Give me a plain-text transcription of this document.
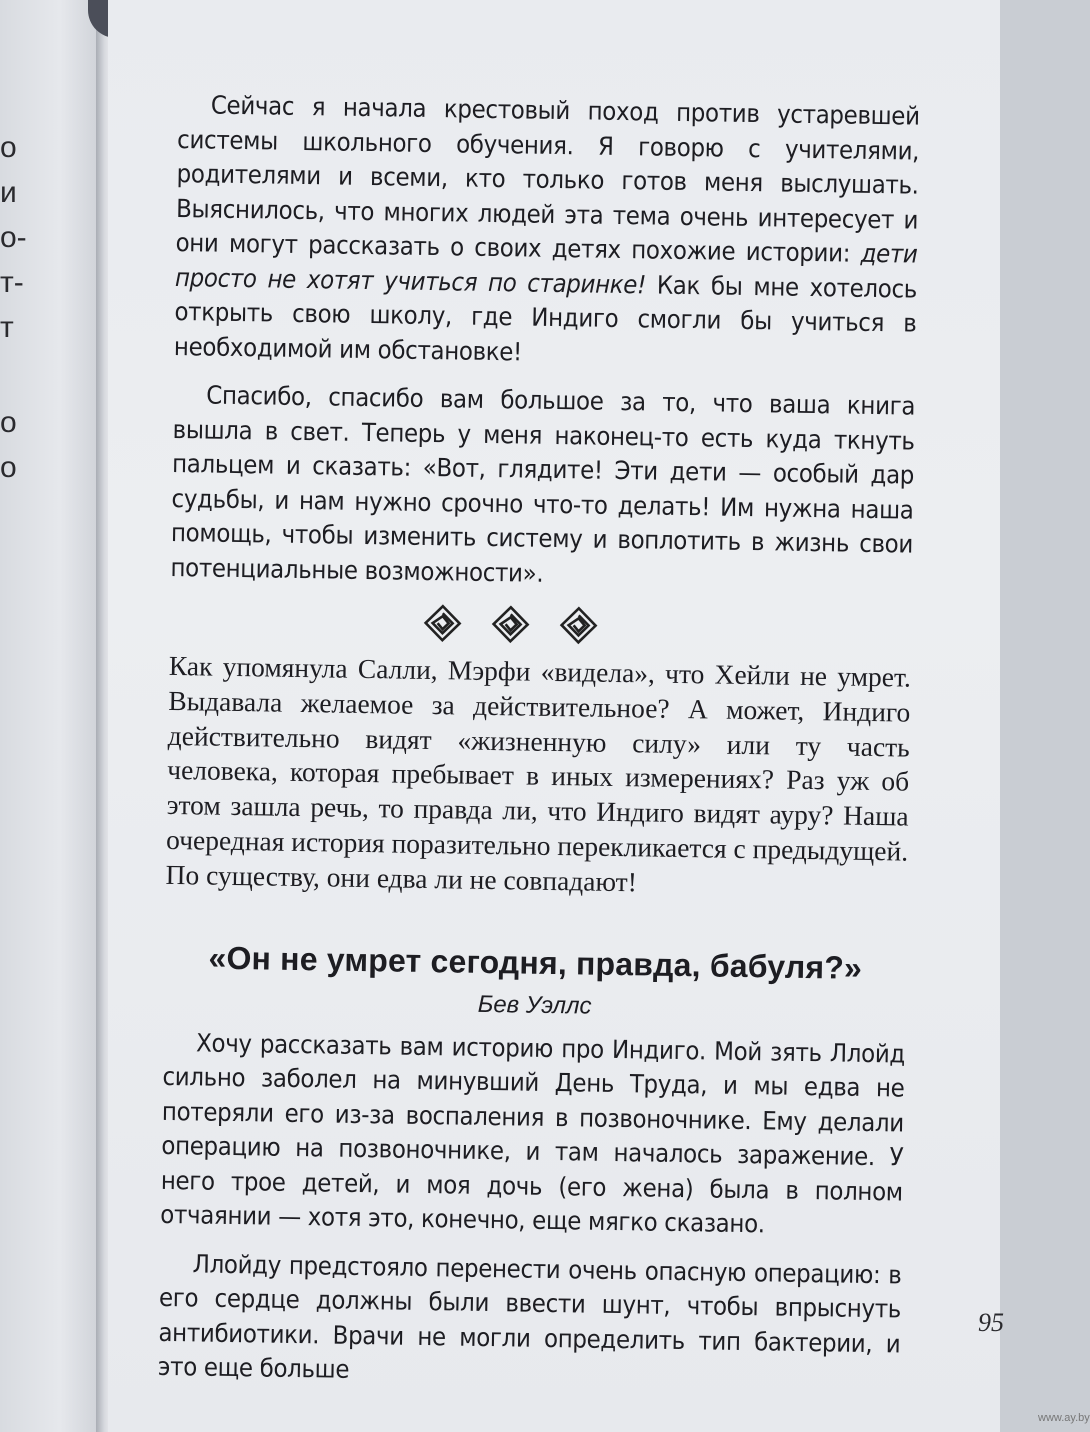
о
и
о-
т-
т
о
о
95
www.ay.by

Сейчас я начала крестовый поход против устаревшей системы школьного обучения. Я говорю с учителями, родителями и всеми, кто только готов меня выслушать. Выяснилось, что многих людей эта тема очень интересует и они могут рассказать о своих детях похожие истории: дети просто не хотят учиться по старинке! Как бы мне хотелось открыть свою школу, где Индиго смогли бы учиться в необходимой им обстановке!

Спасибо, спасибо вам большое за то, что ваша книга вышла в свет. Теперь у меня наконец-то есть куда ткнуть пальцем и сказать: «Вот, глядите! Эти дети — особый дар судьбы, и нам нужно срочно что-то делать! Им нужна наша помощь, чтобы изменить систему и воплотить в жизнь свои потенциальные возможности».

Как упомянула Салли, Мэрфи «видела», что Хейли не умрет. Выдавала желаемое за действительное? А может, Индиго действительно видят «жизненную силу» или ту часть человека, которая пребывает в иных измерениях? Раз уж об этом зашла речь, то правда ли, что Индиго видят ауру? Наша очередная история поразительно перекликается с предыдущей. По существу, они едва ли не совпадают!

«Он не умрет сегодня, правда, бабуля?»
Бев Уэллс

Хочу рассказать вам историю про Индиго. Мой зять Ллойд сильно заболел на минувший День Труда, и мы едва не потеряли его из-за воспаления в позвоночнике. Ему делали операцию на позвоночнике, и там началось заражение. У него трое детей, и моя дочь (его жена) была в полном отчаянии — хотя это, конечно, еще мягко сказано.

Ллойду предстояло перенести очень опасную операцию: в его сердце должны были ввести шунт, чтобы впрыснуть антибиотики. Врачи не могли определить тип бактерии, и это еще больше
